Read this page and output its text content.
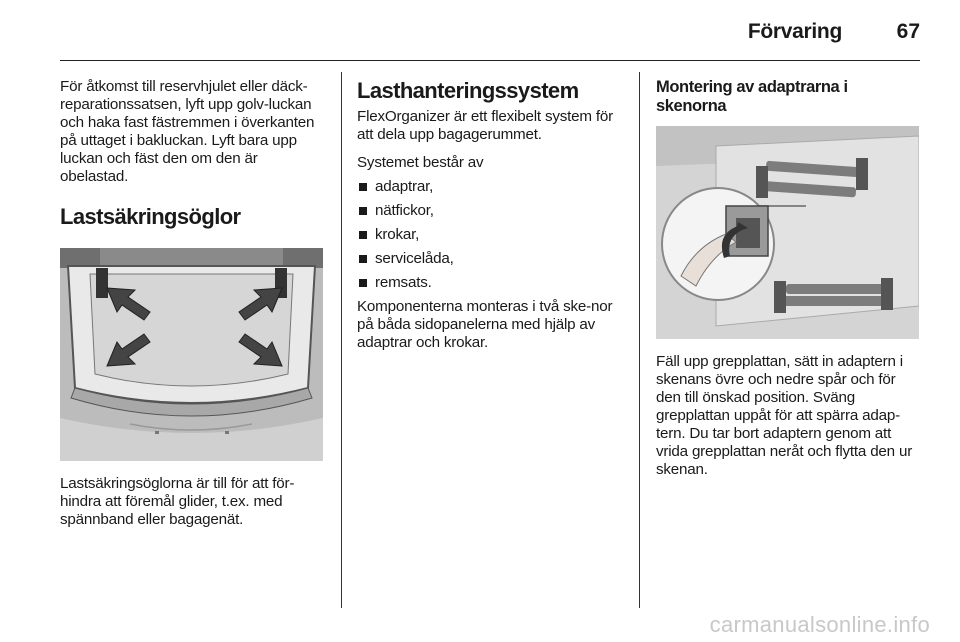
Förvaring	67

För åtkomst till reservhjulet eller däck-reparationssatsen, lyft upp golv-luckan och haka fast fästremmen i överkanten på uttaget i bakluckan. Lyft bara upp luckan och fäst den om den är obelastad.

Lastsäkringsöglor

Lastsäkringsöglorna är till för att för-hindra att föremål glider, t.ex. med spännband eller bagagenät.

Lasthanteringssystem

FlexOrganizer är ett flexibelt system för att dela upp bagagerummet.

Systemet består av

adaptrar,
nätfickor,
krokar,
servicelåda,
remsats.

Komponenterna monteras i två ske-nor på båda sidopanelerna med hjälp av adaptrar och krokar.

Montering av adaptrarna i skenorna

Fäll upp grepplattan, sätt in adaptern i skenans övre och nedre spår och för den till önskad position. Sväng grepplattan uppåt för att spärra adap-tern. Du tar bort adaptern genom att vrida grepplattan neråt och flytta den ur skenan.

carmanualsonline.info
